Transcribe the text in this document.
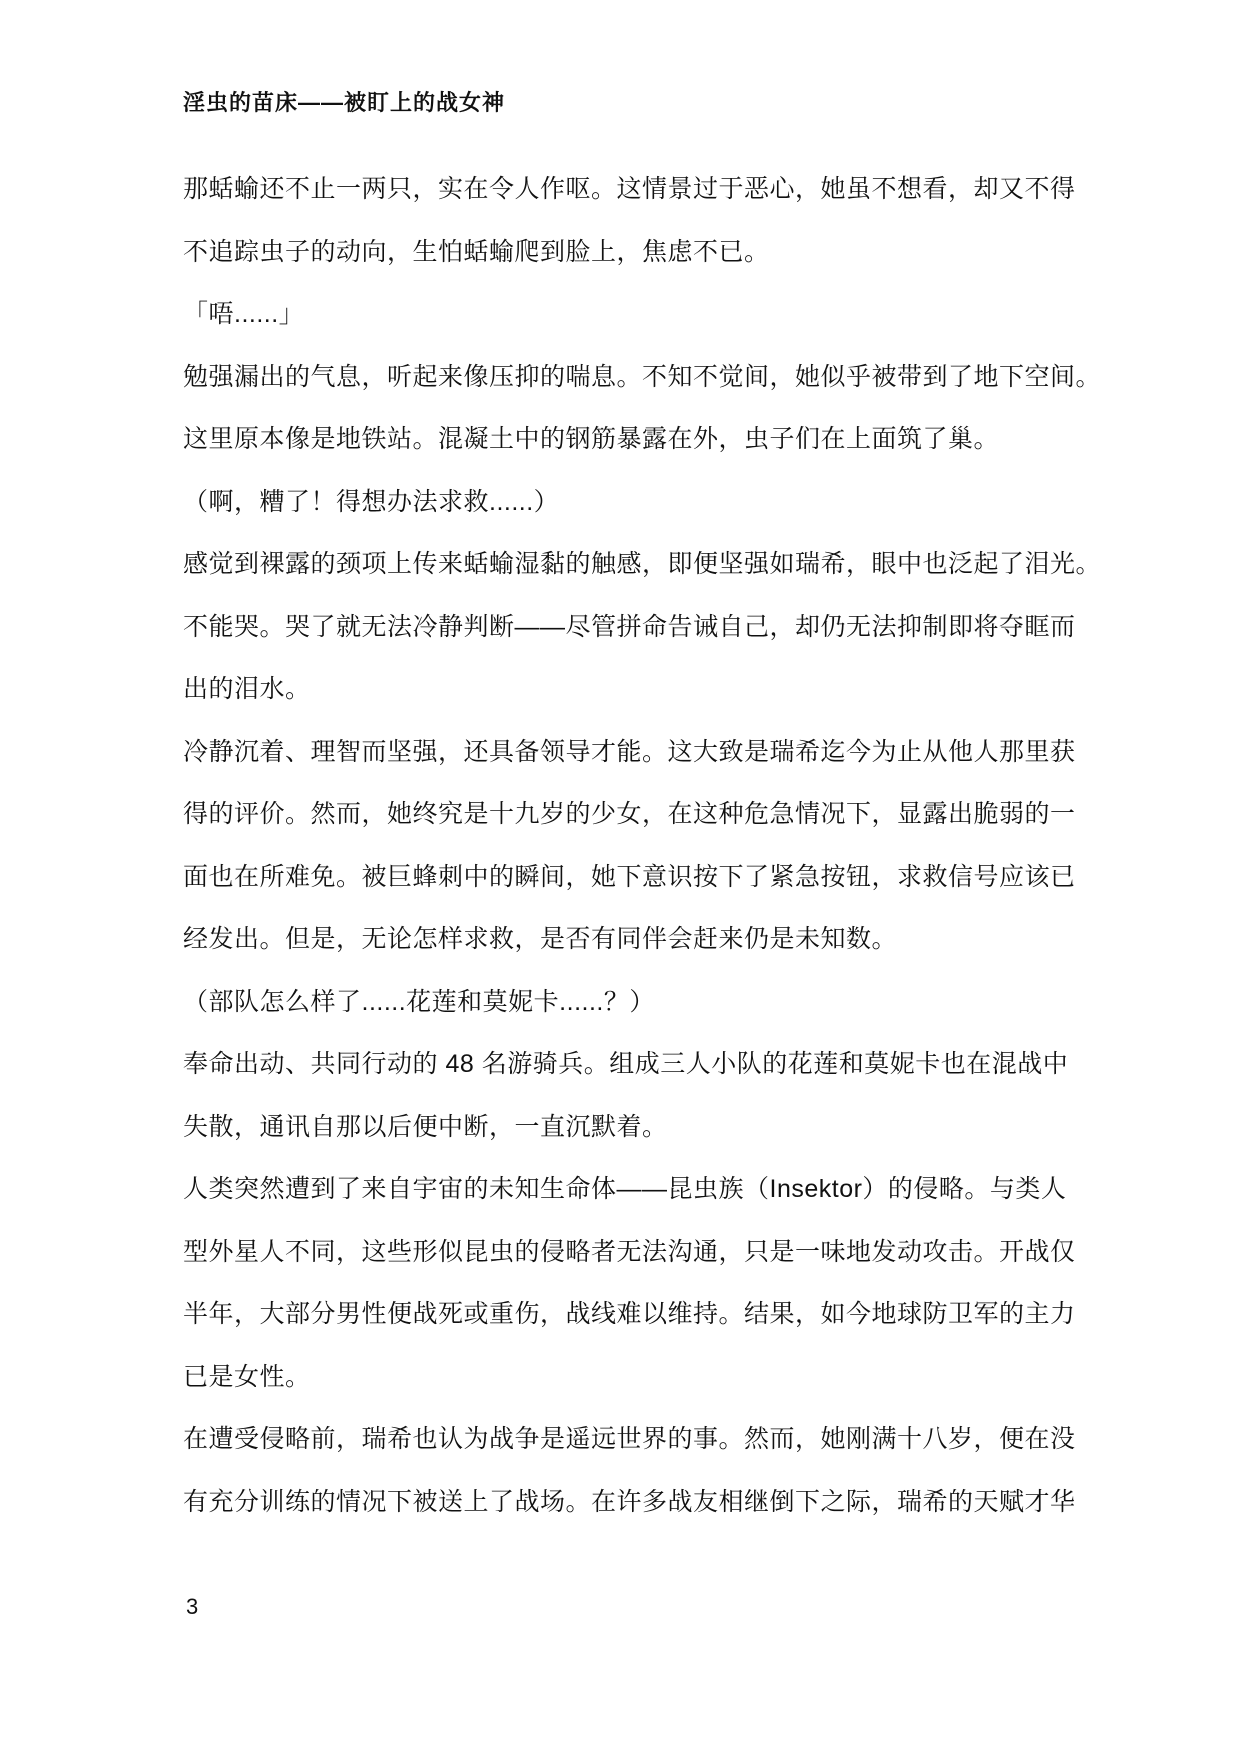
淫虫的苗床——被盯上的战女神
那蛞蝓还不止一两只，实在令人作呕。这情景过于恶心，她虽不想看，却又不得
不追踪虫子的动向，生怕蛞蝓爬到脸上，焦虑不已。
「唔......」
勉强漏出的气息，听起来像压抑的喘息。不知不觉间，她似乎被带到了地下空间。
这里原本像是地铁站。混凝土中的钢筋暴露在外，虫子们在上面筑了巢。
（啊，糟了！得想办法求救......）
感觉到裸露的颈项上传来蛞蝓湿黏的触感，即便坚强如瑞希，眼中也泛起了泪光。
不能哭。哭了就无法冷静判断——尽管拼命告诫自己，却仍无法抑制即将夺眶而
出的泪水。
冷静沉着、理智而坚强，还具备领导才能。这大致是瑞希迄今为止从他人那里获
得的评价。然而，她终究是十九岁的少女，在这种危急情况下，显露出脆弱的一
面也在所难免。被巨蜂刺中的瞬间，她下意识按下了紧急按钮，求救信号应该已
经发出。但是，无论怎样求救，是否有同伴会赶来仍是未知数。
（部队怎么样了......花莲和莫妮卡......？）
奉命出动、共同行动的 48 名游骑兵。组成三人小队的花莲和莫妮卡也在混战中
失散，通讯自那以后便中断，一直沉默着。
人类突然遭到了来自宇宙的未知生命体——昆虫族（Insektor）的侵略。与类人
型外星人不同，这些形似昆虫的侵略者无法沟通，只是一味地发动攻击。开战仅
半年，大部分男性便战死或重伤，战线难以维持。结果，如今地球防卫军的主力
已是女性。
在遭受侵略前，瑞希也认为战争是遥远世界的事。然而，她刚满十八岁，便在没
有充分训练的情况下被送上了战场。在许多战友相继倒下之际，瑞希的天赋才华
3
